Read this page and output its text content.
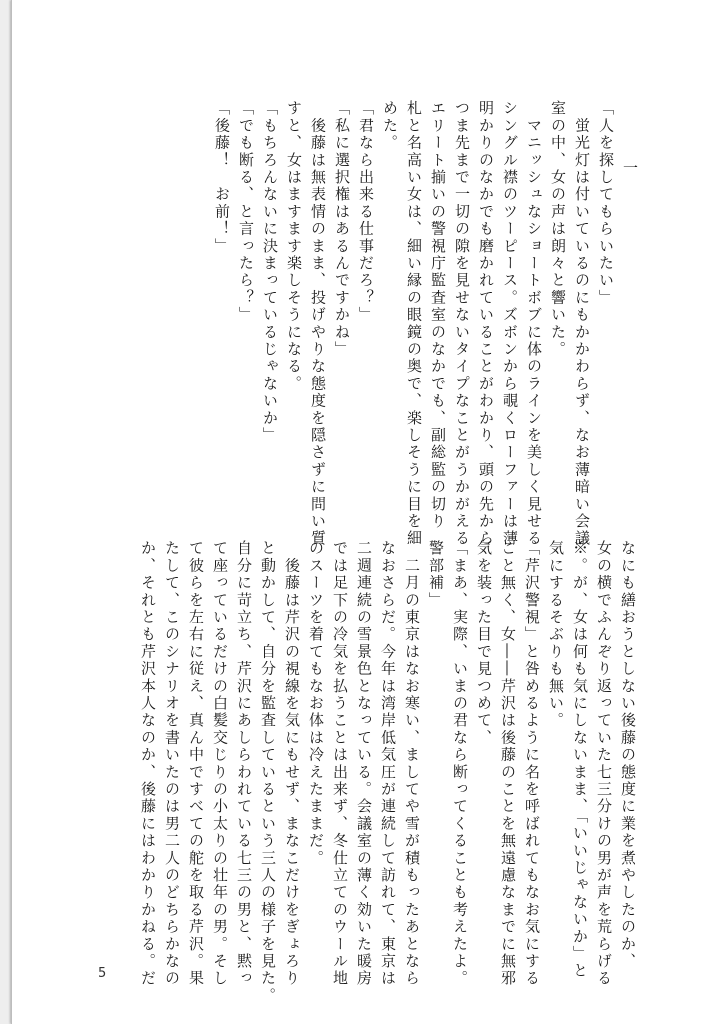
一
「人を探してもらいたい」
　蛍光灯は付いているのにもかかわらず、なお薄暗い会議
室の中、女の声は朗々と響いた。
　マニッシュなショートボブに体のラインを美しく見せる
シングル襟のツーピース。ズボンから覗くローファーは薄
明かりのなかでも磨かれていることがわかり、頭の先から
つま先まで一切の隙を見せないタイプなことがうかがえる
エリート揃いの警視庁監査室のなかでも、副総監の切り
札と名高い女は、細い縁の眼鏡の奥で、楽しそうに目を細
めた。
「君なら出来る仕事だろ？」
「私に選択権はあるんですかね」
　後藤は無表情のまま、投げやりな態度を隠さずに問い質
すと、女はますます楽しそうになる。
「もちろんないに決まっているじゃないか」
「でも断る、と言ったら？」
「後藤！　お前！」
なにも繕おうとしない後藤の態度に業を煮やしたのか、
女の横でふんぞり返っていた七三分けの男が声を荒らげる
※。が、女は何も気にしないまま、「いいじゃないか」と
気にするそぶりも無い。
「芹沢警視」と咎めるように名を呼ばれてもなお気にする
こと無く、女――芹沢は後藤のことを無遠慮なまでに無邪
気を装った目で見つめて、
「まあ、実際、いまの君なら断ってくることも考えたよ。
警部補」
　二月の東京はなお寒い、ましてや雪が積もったあとなら
なおさらだ。今年は湾岸低気圧が連続して訪れて、東京は
二週連続の雪景色となっている。会議室の薄く効いた暖房
では足下の冷気を払うことは出来ず、冬仕立てのウール地
のスーツを着てもなお体は冷えたままだ。
　後藤は芹沢の視線を気にもせず、まなこだけをぎょろり
と動かして、自分を監査しているという三人の様子を見た。
自分に苛立ち、芹沢にあしらわれている七三の男と、黙っ
て座っているだけの白髪交じりの小太りの壮年の男。そし
て彼らを左右に従え、真ん中ですべての舵を取る芹沢。果
たして、このシナリオを書いたのは男二人のどちらかなの
か、それとも芹沢本人なのか、後藤にはわかりかねる。だ
5
